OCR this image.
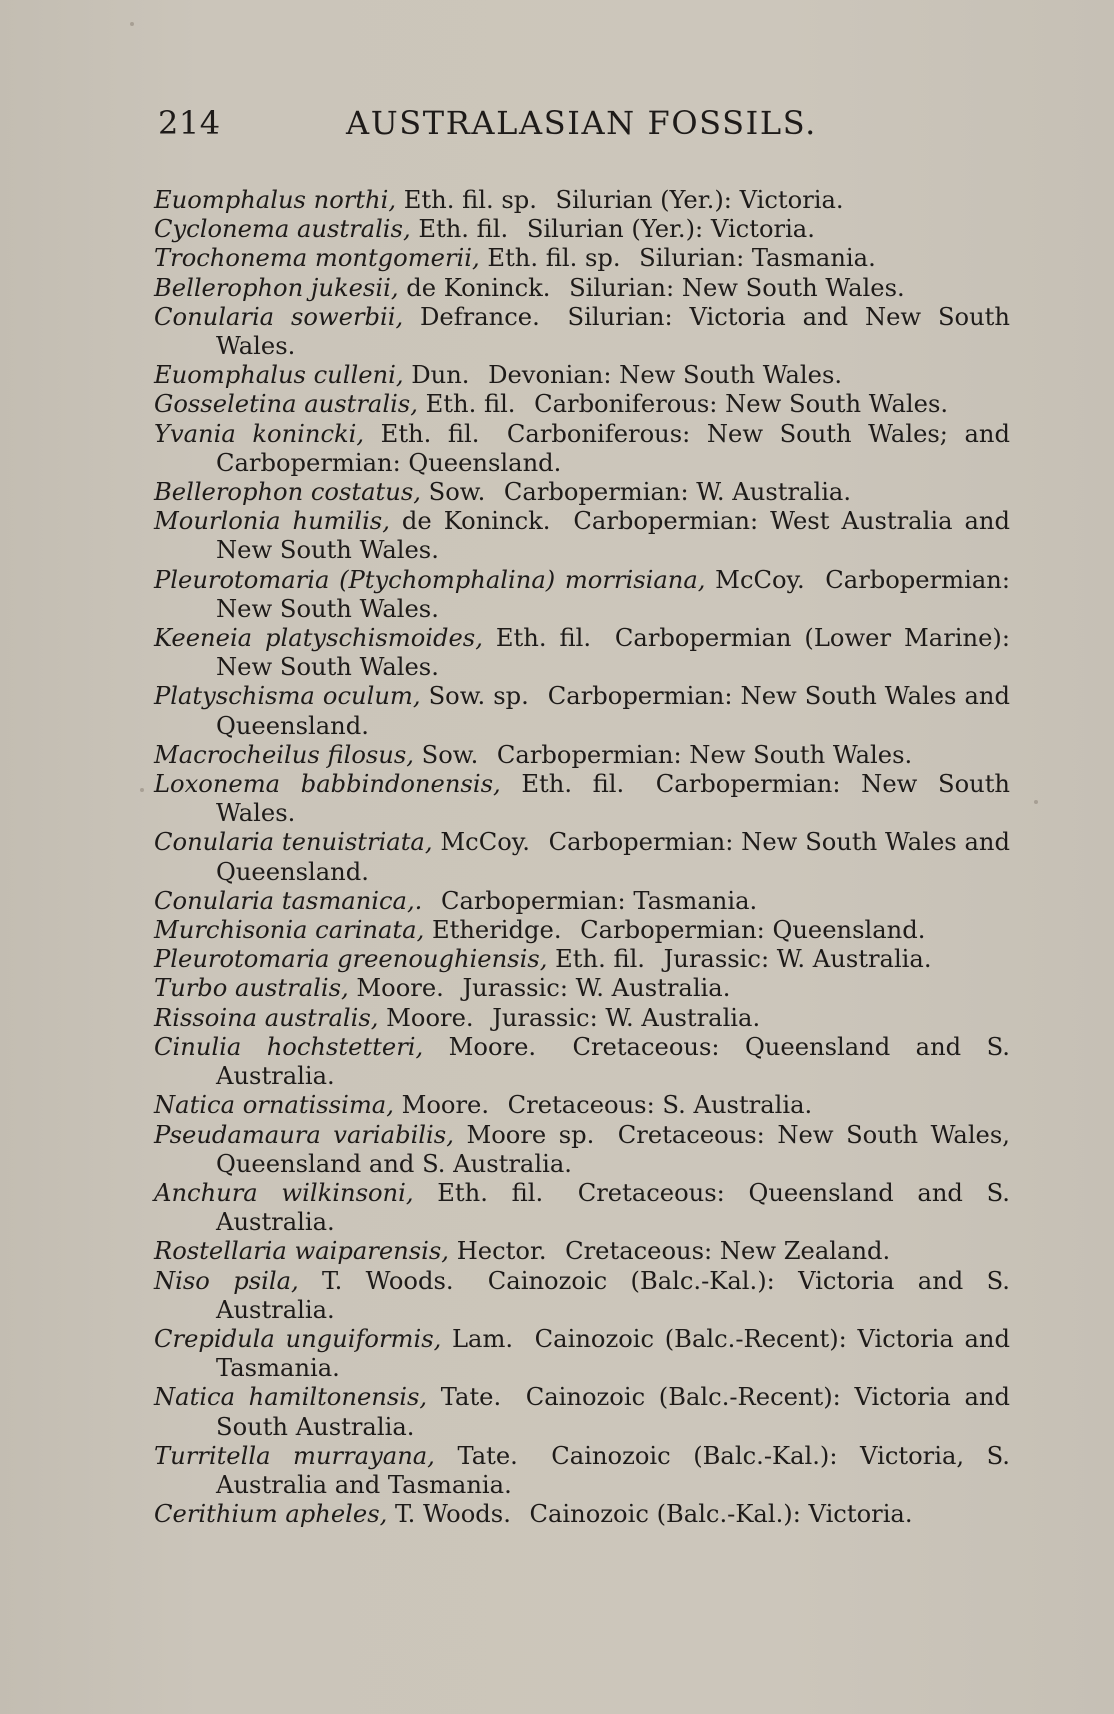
214	AUSTRALASIAN FOSSILS.

Euomphalus northi, Eth. fil. sp. Silurian (Yer.): Victoria.

Cyclonema australis, Eth. fil. Silurian (Yer.): Victoria.

Trochonema montgomerii, Eth. fil. sp. Silurian: Tasmania.

Bellerophon jukesii, de Koninck. Silurian: New South Wales.

Conularia sowerbii, Defrance. Silurian: Victoria and New South Wales.

Euomphalus culleni, Dun. Devonian: New South Wales.

Gosseletina australis, Eth. fil. Carboniferous: New South Wales.

Yvania konincki, Eth. fil. Carboniferous: New South Wales; and Carbopermian: Queensland.

Bellerophon costatus, Sow. Carbopermian: W. Australia.

Mourlonia humilis, de Koninck. Carbopermian: West Australia and New South Wales.

Pleurotomaria (Ptychomphalina) morrisiana, McCoy. Carbopermian: New South Wales.

Keeneia platyschismoides, Eth. fil. Carbopermian (Lower Marine): New South Wales.

Platyschisma oculum, Sow. sp. Carbopermian: New South Wales and Queensland.

Macrocheilus filosus, Sow. Carbopermian: New South Wales.

Loxonema babbindonensis, Eth. fil. Carbopermian: New South Wales.

Conularia tenuistriata, McCoy. Carbopermian: New South Wales and Queensland.

Conularia tasmanica,. Carbopermian: Tasmania.

Murchisonia carinata, Etheridge. Carbopermian: Queensland.

Pleurotomaria greenoughiensis, Eth. fil. Jurassic: W. Australia.

Turbo australis, Moore. Jurassic: W. Australia.

Rissoina australis, Moore. Jurassic: W. Australia.

Cinulia hochstetteri, Moore. Cretaceous: Queensland and S. Australia.

Natica ornatissima, Moore. Cretaceous: S. Australia.

Pseudamaura variabilis, Moore sp. Cretaceous: New South Wales, Queensland and S. Australia.

Anchura wilkinsoni, Eth. fil. Cretaceous: Queensland and S. Australia.

Rostellaria waiparensis, Hector. Cretaceous: New Zealand.

Niso psila, T. Woods. Cainozoic (Balc.-Kal.): Victoria and S. Australia.

Crepidula unguiformis, Lam. Cainozoic (Balc.-Recent): Victoria and Tasmania.

Natica hamiltonensis, Tate. Cainozoic (Balc.-Recent): Victoria and South Australia.

Turritella murrayana, Tate. Cainozoic (Balc.-Kal.): Victoria, S. Australia and Tasmania.

Cerithium apheles, T. Woods. Cainozoic (Balc.-Kal.): Victoria.
